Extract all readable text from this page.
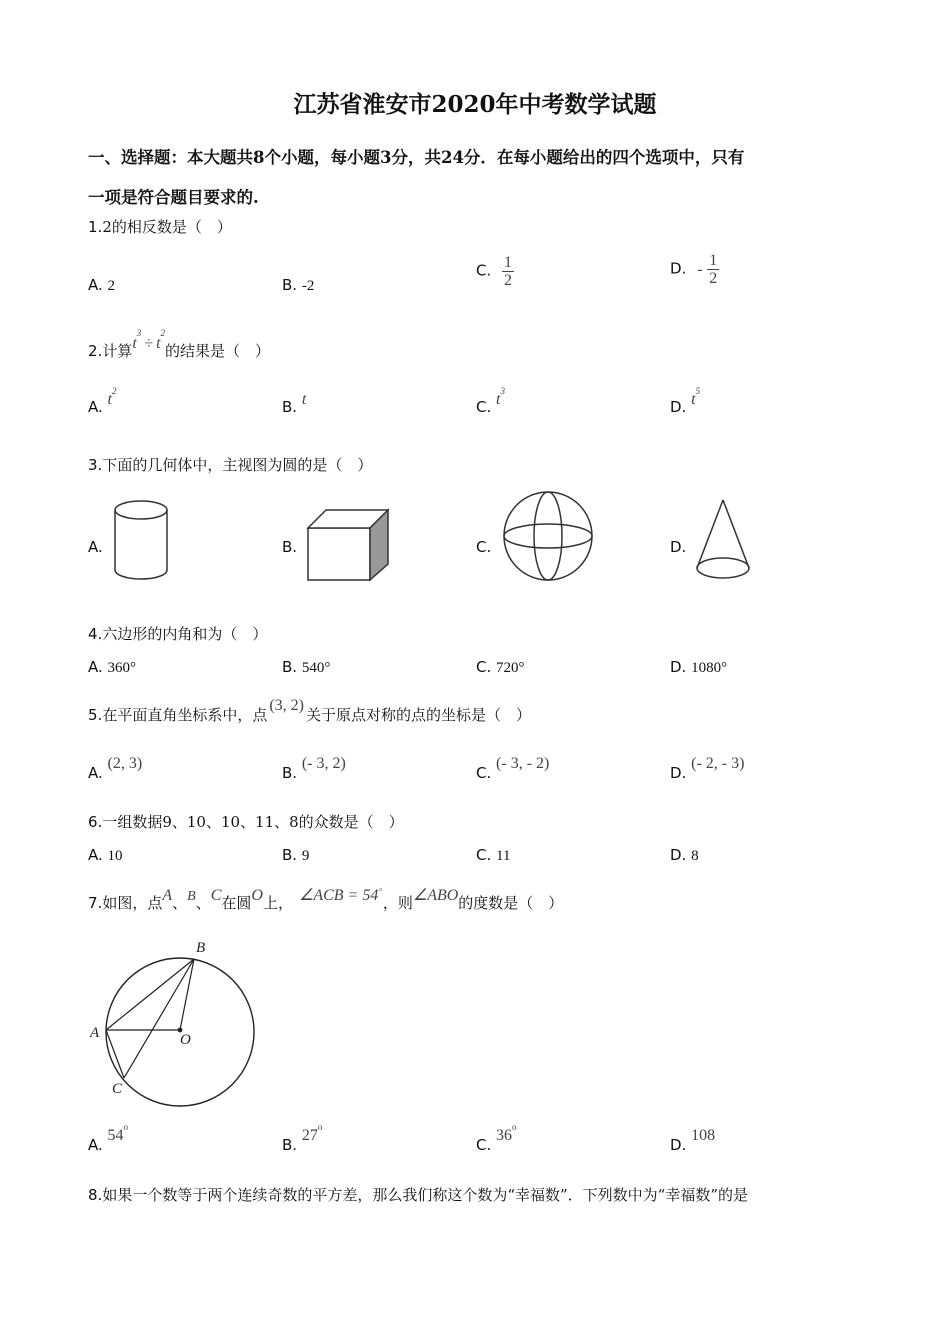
江苏省淮安市2020年中考数学试题
一、选择题：本大题共8个小题，每小题3分，共24分．在每小题给出的四个选项中，只有
一项是符合题目要求的.
1.2的相反数是（　）
A. 2	B. -2
C. $\frac{1}{2}$	D. - $\frac{1}{2}$
2.计算$t^3\div t^2$的结果是（　）
A. $t^2$
B. t	C. $t^3$
D. $t^5$
3.下面的几何体中，主视图为圆的是（　）
A.	B.	C.	D.
4.六边形的内角和为（　）
A. 360°	B. 540°	C. 720°	D. 1080°
5.在平面直角坐标系中，点(3, 2)关于原点对称的点的坐标是（　）
A. (2, 3)
B. (- 3, 2)
C. (- 3, - 2)
D. (- 2, - 3)
6.一组数据9、10、10、11、8的众数是（　）
A. 10	B. 9	C. 11	D. 8
7.如图，点A、B、C在圆O上， ∠ACB = 54°，则∠ABO的度数是（　）
B
A	O
C
A. 54$^o$
B. 27$^o$
C. 36$^o$
D. 108
8.如果一个数等于两个连续奇数的平方差，那么我们称这个数为“幸福数”．下列数中为“幸福数”的是
